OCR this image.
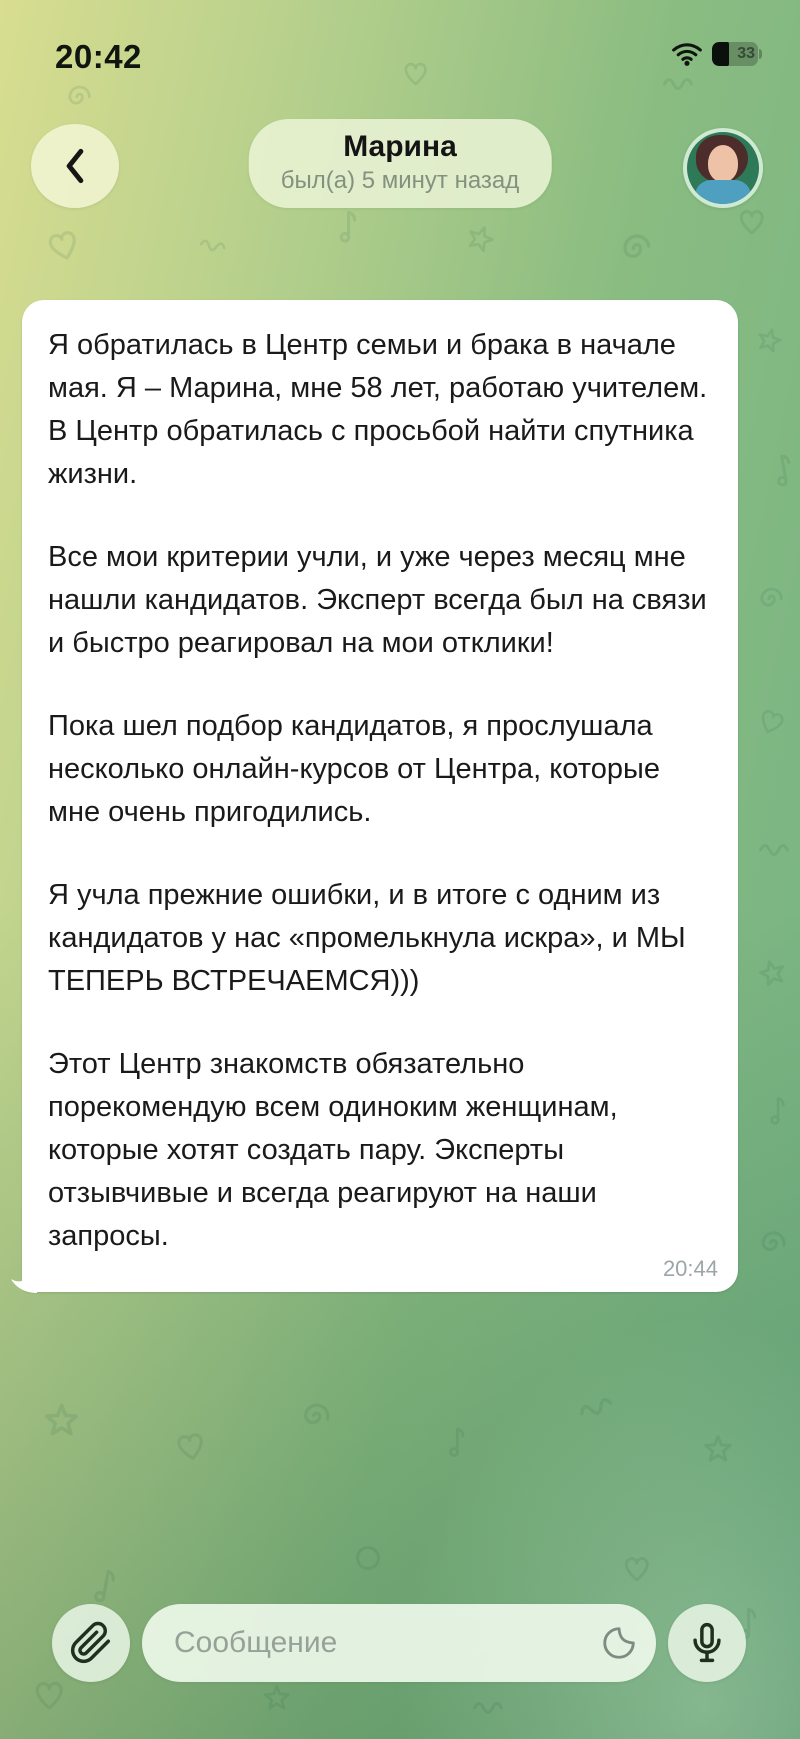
20:42	33
Марина
был(а) 5 минут назад

Я обратилась в Центр семьи и брака в начале мая. Я – Марина, мне 58 лет, работаю учителем. В Центр обратилась с просьбой найти спутника жизни.

Все мои критерии учли, и уже через месяц мне нашли кандидатов. Эксперт всегда был на связи и быстро реагировал на мои отклики!

Пока шел подбор кандидатов, я прослушала несколько онлайн-курсов от Центра, которые мне очень пригодились.

Я учла прежние ошибки, и в итоге с одним из кандидатов у нас «промелькнула искра», и МЫ ТЕПЕРЬ ВСТРЕЧАЕМСЯ)))

Этот Центр знакомств обязательно порекомендую всем одиноким женщинам, которые хотят создать пару. Эксперты отзывчивые и всегда реагируют на наши запросы.

20:44
Сообщение
